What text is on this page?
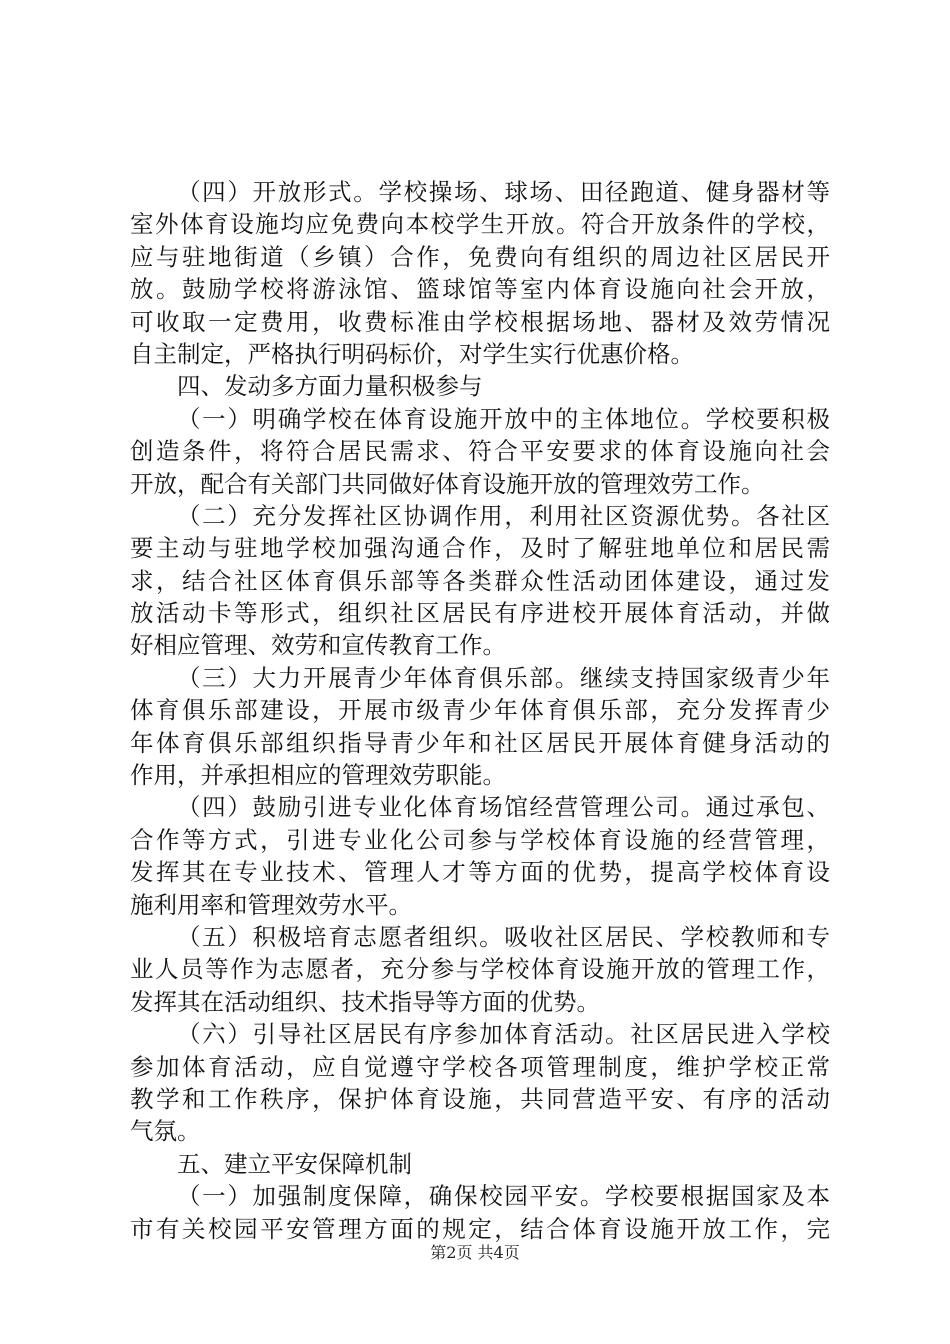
（四）开放形式。学校操场、球场、田径跑道、健身器材等
室外体育设施均应免费向本校学生开放。符合开放条件的学校，
应与驻地街道（乡镇）合作，免费向有组织的周边社区居民开
放。鼓励学校将游泳馆、篮球馆等室内体育设施向社会开放，
可收取一定费用，收费标准由学校根据场地、器材及效劳情况
自主制定，严格执行明码标价，对学生实行优惠价格。
四、发动多方面力量积极参与
（一）明确学校在体育设施开放中的主体地位。学校要积极
创造条件，将符合居民需求、符合平安要求的体育设施向社会
开放，配合有关部门共同做好体育设施开放的管理效劳工作。
（二）充分发挥社区协调作用，利用社区资源优势。各社区
要主动与驻地学校加强沟通合作，及时了解驻地单位和居民需
求，结合社区体育俱乐部等各类群众性活动团体建设，通过发
放活动卡等形式，组织社区居民有序进校开展体育活动，并做
好相应管理、效劳和宣传教育工作。
（三）大力开展青少年体育俱乐部。继续支持国家级青少年
体育俱乐部建设，开展市级青少年体育俱乐部，充分发挥青少
年体育俱乐部组织指导青少年和社区居民开展体育健身活动的
作用，并承担相应的管理效劳职能。
（四）鼓励引进专业化体育场馆经营管理公司。通过承包、
合作等方式，引进专业化公司参与学校体育设施的经营管理，
发挥其在专业技术、管理人才等方面的优势，提高学校体育设
施利用率和管理效劳水平。
（五）积极培育志愿者组织。吸收社区居民、学校教师和专
业人员等作为志愿者，充分参与学校体育设施开放的管理工作，
发挥其在活动组织、技术指导等方面的优势。
（六）引导社区居民有序参加体育活动。社区居民进入学校
参加体育活动，应自觉遵守学校各项管理制度，维护学校正常
教学和工作秩序，保护体育设施，共同营造平安、有序的活动
气氛。
五、建立平安保障机制
（一）加强制度保障，确保校园平安。学校要根据国家及本
市有关校园平安管理方面的规定，结合体育设施开放工作，完
第2页 共4页
